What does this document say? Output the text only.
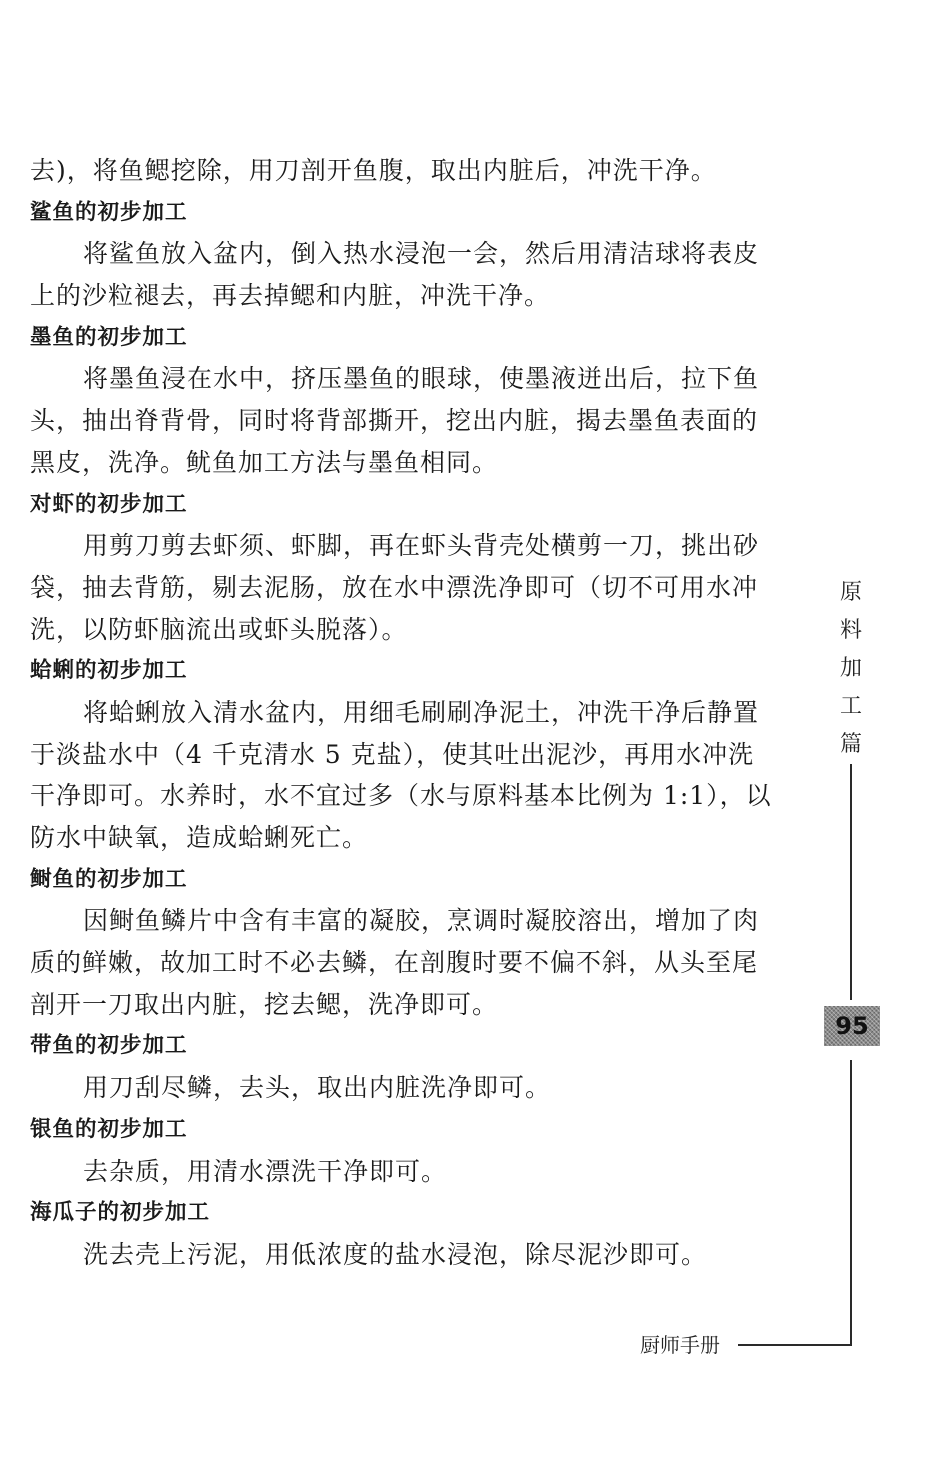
去)，将鱼鳃挖除，用刀剖开鱼腹，取出内脏后，冲洗干净。
鲨鱼的初步加工
将鲨鱼放入盆内，倒入热水浸泡一会，然后用清洁球将表皮
上的沙粒褪去，再去掉鳃和内脏，冲洗干净。
墨鱼的初步加工
将墨鱼浸在水中，挤压墨鱼的眼球，使墨液迸出后，拉下鱼
头，抽出脊背骨，同时将背部撕开，挖出内脏，揭去墨鱼表面的
黑皮，洗净。鱿鱼加工方法与墨鱼相同。
对虾的初步加工
用剪刀剪去虾须、虾脚，再在虾头背壳处横剪一刀，挑出砂
袋，抽去背筋，剔去泥肠，放在水中漂洗净即可（切不可用水冲
洗，以防虾脑流出或虾头脱落）。
蛤蜊的初步加工
将蛤蜊放入清水盆内，用细毛刷刷净泥土，冲洗干净后静置
于淡盐水中（4 千克清水 5 克盐），使其吐出泥沙，再用水冲洗
干净即可。水养时，水不宜过多（水与原料基本比例为 1:1），以
防水中缺氧，造成蛤蜊死亡。
鲥鱼的初步加工
因鲥鱼鳞片中含有丰富的凝胶，烹调时凝胶溶出，增加了肉
质的鲜嫩，故加工时不必去鳞，在剖腹时要不偏不斜，从头至尾
剖开一刀取出内脏，挖去鳃，洗净即可。
带鱼的初步加工
用刀刮尽鳞，去头，取出内脏洗净即可。
银鱼的初步加工
去杂质，用清水漂洗干净即可。
海瓜子的初步加工
洗去壳上污泥，用低浓度的盐水浸泡，除尽泥沙即可。
原
料
加
工
篇
95
厨师手册
